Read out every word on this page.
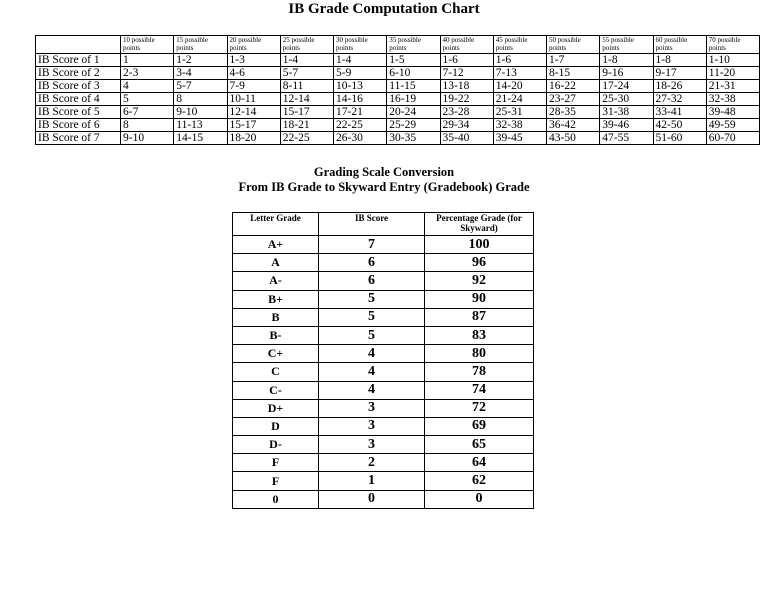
IB Grade Computation Chart
	10 possible points	15 possible points	20 possible points	25 possible points	30 possible points	35 possible points	40 possible points	45 possible points	50 possible points	55 possible points	60 possible points	70 possible points
IB Score of 1	1	1-2	1-3	1-4	1-4	1-5	1-6	1-6	1-7	1-8	1-8	1-10
IB Score of 2	2-3	3-4	4-6	5-7	5-9	6-10	7-12	7-13	8-15	9-16	9-17	11-20
IB Score of 3	4	5-7	7-9	8-11	10-13	11-15	13-18	14-20	16-22	17-24	18-26	21-31
IB Score of 4	5	8	10-11	12-14	14-16	16-19	19-22	21-24	23-27	25-30	27-32	32-38
IB Score of 5	6-7	9-10	12-14	15-17	17-21	20-24	23-28	25-31	28-35	31-38	33-41	39-48
IB Score of 6	8	11-13	15-17	18-21	22-25	25-29	29-34	32-38	36-42	39-46	42-50	49-59
IB Score of 7	9-10	14-15	18-20	22-25	26-30	30-35	35-40	39-45	43-50	47-55	51-60	60-70
Grading Scale Conversion
From IB Grade to Skyward Entry (Gradebook) Grade
Letter Grade	IB Score	Percentage Grade (for Skyward)
A+	7	100
A	6	96
A-	6	92
B+	5	90
B	5	87
B-	5	83
C+	4	80
C	4	78
C-	4	74
D+	3	72
D	3	69
D-	3	65
F	2	64
F	1	62
0	0	0
